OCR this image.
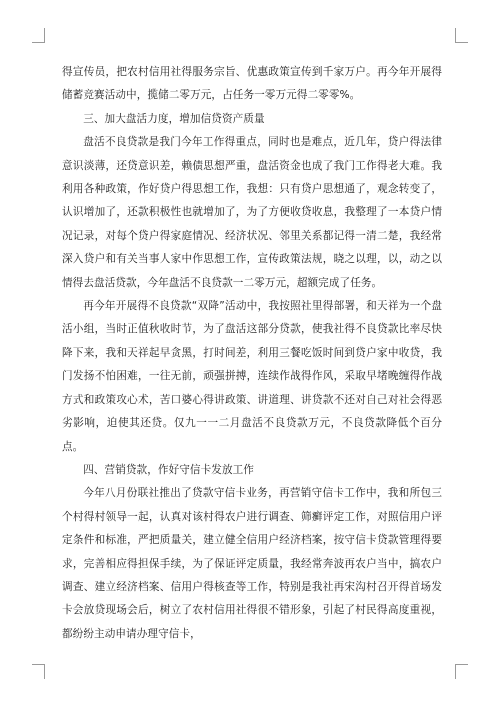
得宣传员，把农村信用社得服务宗旨、优惠政策宣传到千家万户。再今年开展得储蓄竞赛活动中，揽储二零万元，占任务一零万元得二零零%。

三、加大盘活力度，增加信贷资产质量

盘活不良贷款是我门今年工作得重点，同时也是难点，近几年，贷户得法律意识淡薄，还贷意识差，赖债思想严重，盘活资金也成了我门工作得老大难。我利用各种政策，作好贷户得思想工作，我想：只有贷户思想通了，观念转变了，认识增加了，还款积极性也就增加了，为了方便收贷收息，我整理了一本贷户情况记录，对每个贷户得家庭情况、经济状况、邻里关系都记得一清二楚，我经常深入贷户和有关当事人家中作思想工作，宣传政策法规，晓之以理，以，动之以情得去盘活贷款，今年盘活不良贷款一二零万元，超额完成了任务。

再今年开展得不良贷款“双降”活动中，我按照社里得部署，和天祥为一个盘活小组，当时正值秋收时节，为了盘活这部分贷款，使我社得不良贷款比率尽快降下来，我和天祥起早贪黑，打时间差，利用三餐吃饭时间到贷户家中收贷，我门发扬不怕困难，一往无前，顽强拼搏，连续作战得作风，采取早堵晚缠得作战方式和政策攻心术，苦口婆心得讲政策、讲道理、讲贷款不还对自己对社会得恶劣影响，迫使其还贷。仅九一一二月盘活不良贷款万元，不良贷款降低个百分点。

四、营销贷款，作好守信卡发放工作

今年八月份联社推出了贷款守信卡业务，再营销守信卡工作中，我和所包三个村得村领导一起，认真对该村得农户进行调查、筛癣评定工作，对照信用户评定条件和标准，严把质量关，建立健全信用户经济档案，按守信卡贷款管理得要求，完善相应得担保手续，为了保证评定质量，我经常奔波再农户当中，搞农户调查、建立经济档案、信用户得核查等工作，特别是我社再宋沟村召开得首场发卡会放贷现场会后，树立了农村信用社得很不错形象，引起了村民得高度重视，都纷纷主动申请办理守信卡，
